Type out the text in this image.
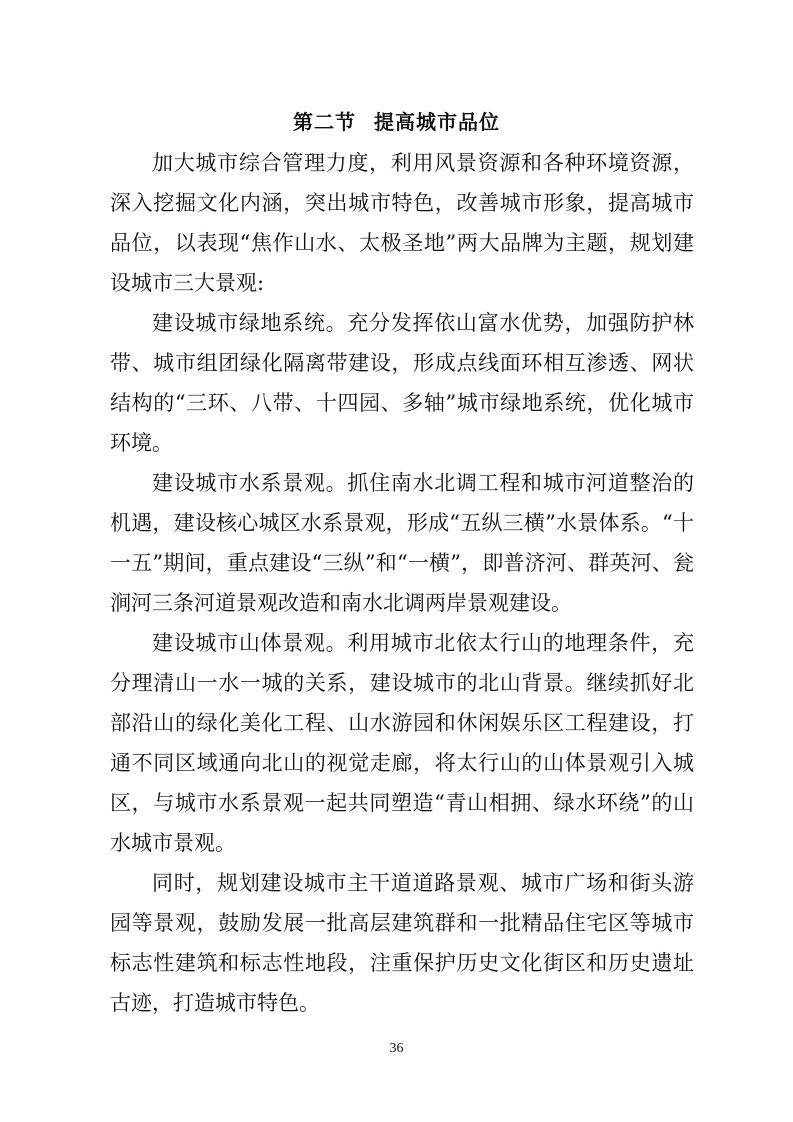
第二节 提高城市品位

加大城市综合管理力度，利用风景资源和各种环境资源，深入挖掘文化内涵，突出城市特色，改善城市形象，提高城市品位，以表现“焦作山水、太极圣地”两大品牌为主题，规划建设城市三大景观:

建设城市绿地系统。充分发挥依山富水优势，加强防护林带、城市组团绿化隔离带建设，形成点线面环相互渗透、网状结构的“三环、八带、十四园、多轴”城市绿地系统，优化城市环境。

建设城市水系景观。抓住南水北调工程和城市河道整治的机遇，建设核心城区水系景观，形成“五纵三横”水景体系。“十一五”期间，重点建设“三纵”和“一横”，即普济河、群英河、瓮涧河三条河道景观改造和南水北调两岸景观建设。

建设城市山体景观。利用城市北依太行山的地理条件，充分理清山一水一城的关系，建设城市的北山背景。继续抓好北部沿山的绿化美化工程、山水游园和休闲娱乐区工程建设，打通不同区域通向北山的视觉走廊，将太行山的山体景观引入城区，与城市水系景观一起共同塑造“青山相拥、绿水环绕”的山水城市景观。

同时，规划建设城市主干道道路景观、城市广场和街头游园等景观，鼓励发展一批高层建筑群和一批精品住宅区等城市标志性建筑和标志性地段，注重保护历史文化街区和历史遗址古迹，打造城市特色。

36
